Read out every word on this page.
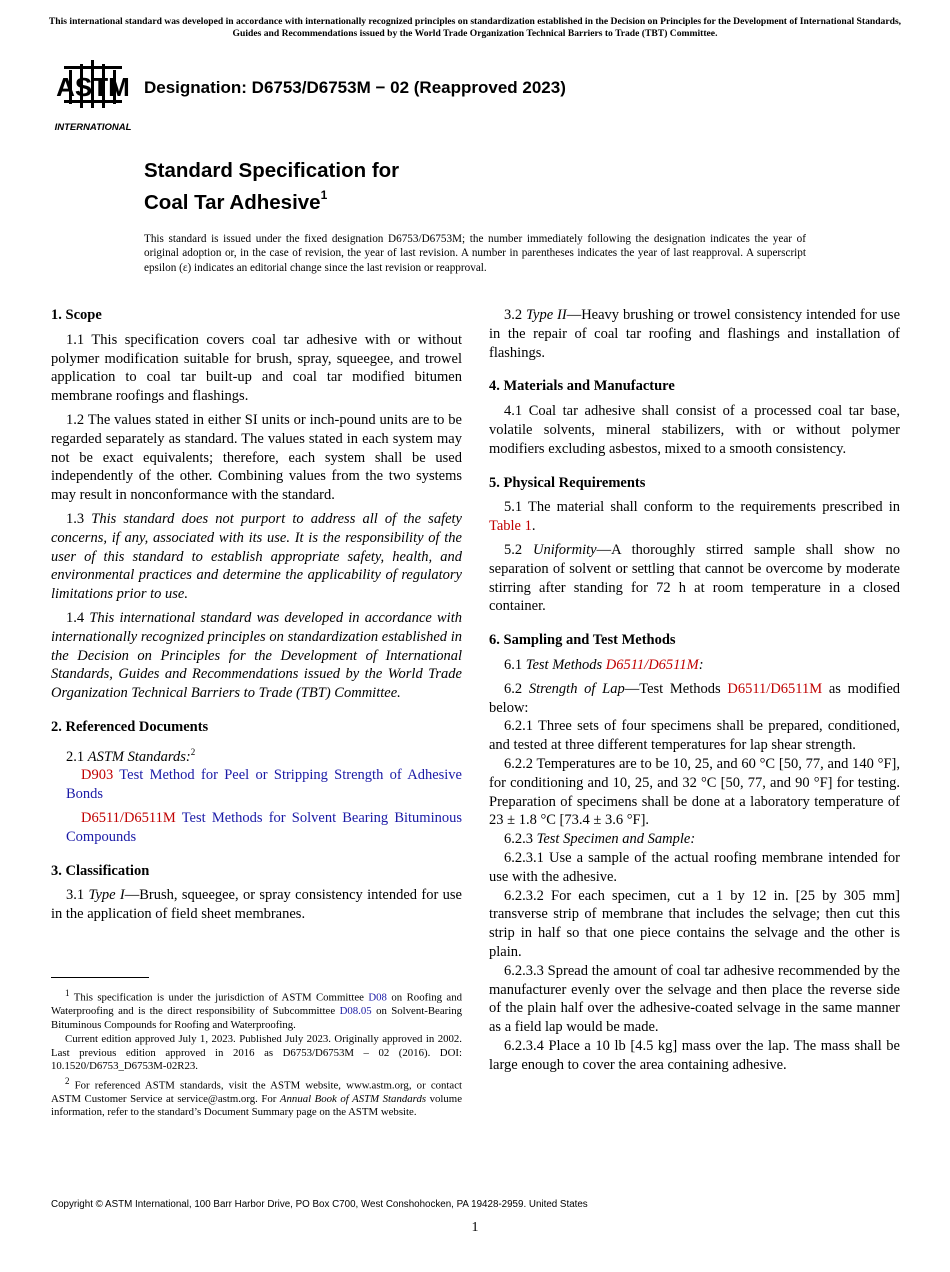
This international standard was developed in accordance with internationally recognized principles on standardization established in the Decision on Principles for the Development of International Standards, Guides and Recommendations issued by the World Trade Organization Technical Barriers to Trade (TBT) Committee.
ASTM
INTERNATIONAL
Designation: D6753/D6753M − 02 (Reapproved 2023)
Standard Specification for
Coal Tar Adhesive$^1$
This standard is issued under the fixed designation D6753/D6753M; the number immediately following the designation indicates the year of original adoption or, in the case of revision, the year of last revision. A number in parentheses indicates the year of last reapproval. A superscript epsilon (ε) indicates an editorial change since the last revision or reapproval.
1. Scope

1.1 This specification covers coal tar adhesive with or without polymer modification suitable for brush, spray, squeegee, and trowel application to coal tar built-up and coal tar modified bitumen membrane roofings and flashings.

1.2 The values stated in either SI units or inch-pound units are to be regarded separately as standard. The values stated in each system may not be exact equivalents; therefore, each system shall be used independently of the other. Combining values from the two systems may result in nonconformance with the standard.

1.3 This standard does not purport to address all of the safety concerns, if any, associated with its use. It is the responsibility of the user of this standard to establish appropriate safety, health, and environmental practices and determine the applicability of regulatory limitations prior to use.

1.4 This international standard was developed in accordance with internationally recognized principles on standardization established in the Decision on Principles for the Development of International Standards, Guides and Recommendations issued by the World Trade Organization Technical Barriers to Trade (TBT) Committee.

2. Referenced Documents

2.1 ASTM Standards:$^2$

D903 Test Method for Peel or Stripping Strength of Adhesive Bonds

D6511/D6511M Test Methods for Solvent Bearing Bituminous Compounds

3. Classification

3.1 Type I—Brush, squeegee, or spray consistency intended for use in the application of field sheet membranes.

3.2 Type II—Heavy brushing or trowel consistency intended for use in the repair of coal tar roofing and flashings and installation of flashings.

4. Materials and Manufacture

4.1 Coal tar adhesive shall consist of a processed coal tar base, volatile solvents, mineral stabilizers, with or without polymer modifiers excluding asbestos, mixed to a smooth consistency.

5. Physical Requirements

5.1 The material shall conform to the requirements prescribed in Table 1.

5.2 Uniformity—A thoroughly stirred sample shall show no separation of solvent or settling that cannot be overcome by moderate stirring after standing for 72 h at room temperature in a closed container.

6. Sampling and Test Methods

6.1 Test Methods D6511/D6511M:

6.2 Strength of Lap—Test Methods D6511/D6511M as modified below:

6.2.1 Three sets of four specimens shall be prepared, conditioned, and tested at three different temperatures for lap shear strength.

6.2.2 Temperatures are to be 10, 25, and 60 °C [50, 77, and 140 °F], for conditioning and 10, 25, and 32 °C [50, 77, and 90 °F] for testing. Preparation of specimens shall be done at a laboratory temperature of 23 ± 1.8 °C [73.4 ± 3.6 °F].

6.2.3 Test Specimen and Sample:

6.2.3.1 Use a sample of the actual roofing membrane intended for use with the adhesive.

6.2.3.2 For each specimen, cut a 1 by 12 in. [25 by 305 mm] transverse strip of membrane that includes the selvage; then cut this strip in half so that one piece contains the selvage and the other is plain.

6.2.3.3 Spread the amount of coal tar adhesive recommended by the manufacturer evenly over the selvage and then place the reverse side of the plain half over the adhesive-coated selvage in the same manner as a field lap would be made.

6.2.3.4 Place a 10 lb [4.5 kg] mass over the lap. The mass shall be large enough to cover the area containing adhesive.

$^1$ This specification is under the jurisdiction of ASTM Committee D08 on Roofing and Waterproofing and is the direct responsibility of Subcommittee D08.05 on Solvent-Bearing Bituminous Compounds for Roofing and Waterproofing.

Current edition approved July 1, 2023. Published July 2023. Originally approved in 2002. Last previous edition approved in 2016 as D6753/D6753M – 02 (2016). DOI: 10.1520/D6753_D6753M-02R23.

$^2$ For referenced ASTM standards, visit the ASTM website, www.astm.org, or contact ASTM Customer Service at service@astm.org. For Annual Book of ASTM Standards volume information, refer to the standard’s Document Summary page on the ASTM website.

Copyright © ASTM International, 100 Barr Harbor Drive, PO Box C700, West Conshohocken, PA 19428-2959. United States
1
